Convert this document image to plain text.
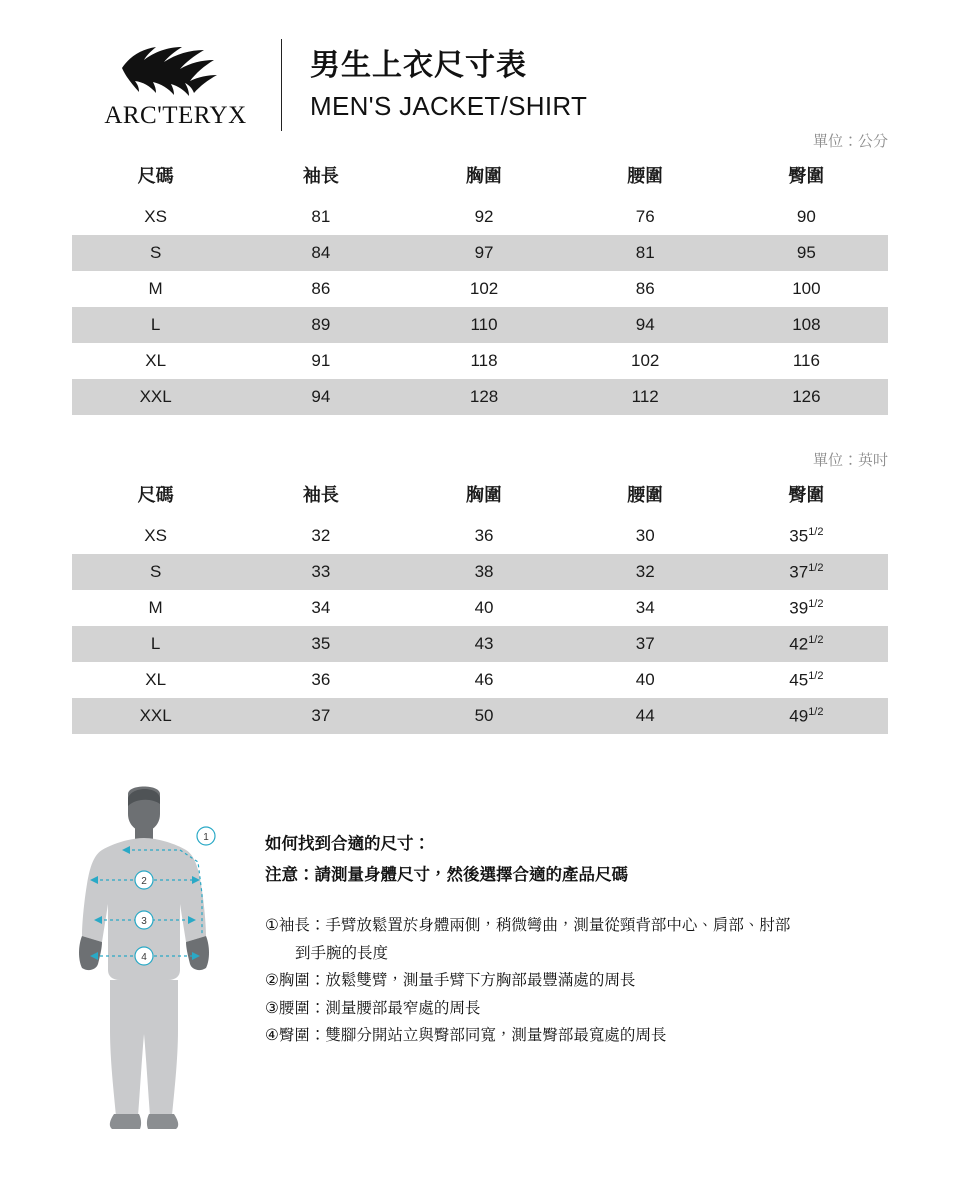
ARC'TERYX
男生上衣尺寸表
MEN'S JACKET/SHIRT
單位：公分
尺碼	袖長	胸圍	腰圍	臀圍
XS	81	92	76	90
S	84	97	81	95
M	86	102	86	100
L	89	110	94	108
XL	91	118	102	116
XXL	94	128	112	126
單位：英吋
尺碼	袖長	胸圍	腰圍	臀圍
XS	32	36	30	$35^{1/2}$
S	33	38	32	$37^{1/2}$
M	34	40	34	$39^{1/2}$
L	35	43	37	$42^{1/2}$
XL	36	46	40	$45^{1/2}$
XXL	37	50	44	$49^{1/2}$
1
2
3
4
如何找到合適的尺寸：
注意：請測量身體尺寸，然後選擇合適的產品尺碼
①袖長：手臂放鬆置於身體兩側，稍微彎曲，測量從頸背部中心、肩部、肘部
到手腕的長度
②胸圍：放鬆雙臂，測量手臂下方胸部最豐滿處的周長
③腰圍：測量腰部最窄處的周長
④臀圍：雙腳分開站立與臀部同寬，測量臀部最寬處的周長
